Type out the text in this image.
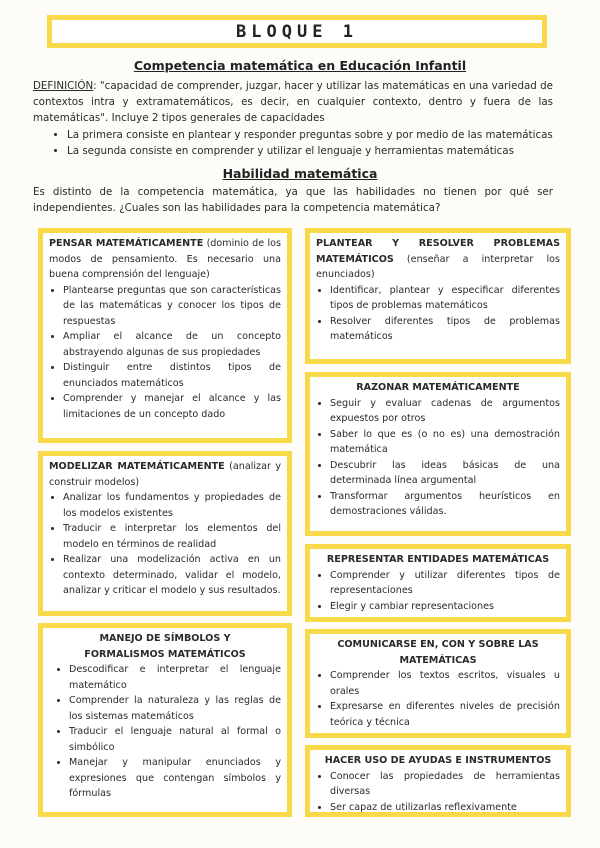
BLOQUE 1
Competencia matemática en Educación Infantil
DEFINICIÓN: "capacidad de comprender, juzgar, hacer y utilizar las matemáticas en una variedad de contextos intra y extramatemáticos, es decir, en cualquier contexto, dentro y fuera de las matemáticas". Incluye 2 tipos generales de capacidades
• La primera consiste en plantear y responder preguntas sobre y por medio de las matemáticas
• La segunda consiste en comprender y utilizar el lenguaje y herramientas matemáticas
Habilidad matemática
Es distinto de la competencia matemática, ya que las habilidades no tienen por qué ser independientes. ¿Cuales son las habilidades para la competencia matemática?
PENSAR MATEMÁTICAMENTE (dominio de los modos de pensamiento. Es necesario una buena comprensión del lenguaje)
• Plantearse preguntas que son características de las matemáticas y conocer los tipos de respuestas
• Ampliar el alcance de un concepto abstrayendo algunas de sus propiedades
• Distinguir entre distintos tipos de enunciados matemáticos
• Comprender y manejar el alcance y las limitaciones de un concepto dado
MODELIZAR MATEMÁTICAMENTE (analizar y construir modelos)
• Analizar los fundamentos y propiedades de los modelos existentes
• Traducir e interpretar los elementos del modelo en términos de realidad
• Realizar una modelización activa en un contexto determinado, validar el modelo, analizar y criticar el modelo y sus resultados.
MANEJO DE SÍMBOLOS Y FORMALISMOS MATEMÁTICOS
• Descodificar e interpretar el lenguaje matemático
• Comprender la naturaleza y las reglas de los sistemas matemáticos
• Traducir el lenguaje natural al formal o simbólico
• Manejar y manipular enunciados y expresiones que contengan símbolos y fórmulas
PLANTEAR Y RESOLVER PROBLEMAS MATEMÁTICOS (enseñar a interpretar los enunciados)
• Identificar, plantear y especificar diferentes tipos de problemas matemáticos
• Resolver diferentes tipos de problemas matemáticos
RAZONAR MATEMÁTICAMENTE
• Seguir y evaluar cadenas de argumentos expuestos por otros
• Saber lo que es (o no es) una demostración matemática
• Descubrir las ideas básicas de una determinada línea argumental
• Transformar argumentos heurísticos en demostraciones válidas.
REPRESENTAR ENTIDADES MATEMÁTICAS
• Comprender y utilizar diferentes tipos de representaciones
• Elegir y cambiar representaciones
COMUNICARSE EN, CON Y SOBRE LAS MATEMÁTICAS
• Comprender los textos escritos, visuales u orales
• Expresarse en diferentes niveles de precisión teórica y técnica
HACER USO DE AYUDAS E INSTRUMENTOS
• Conocer las propiedades de herramientas diversas
• Ser capaz de utilizarlas reflexivamente
